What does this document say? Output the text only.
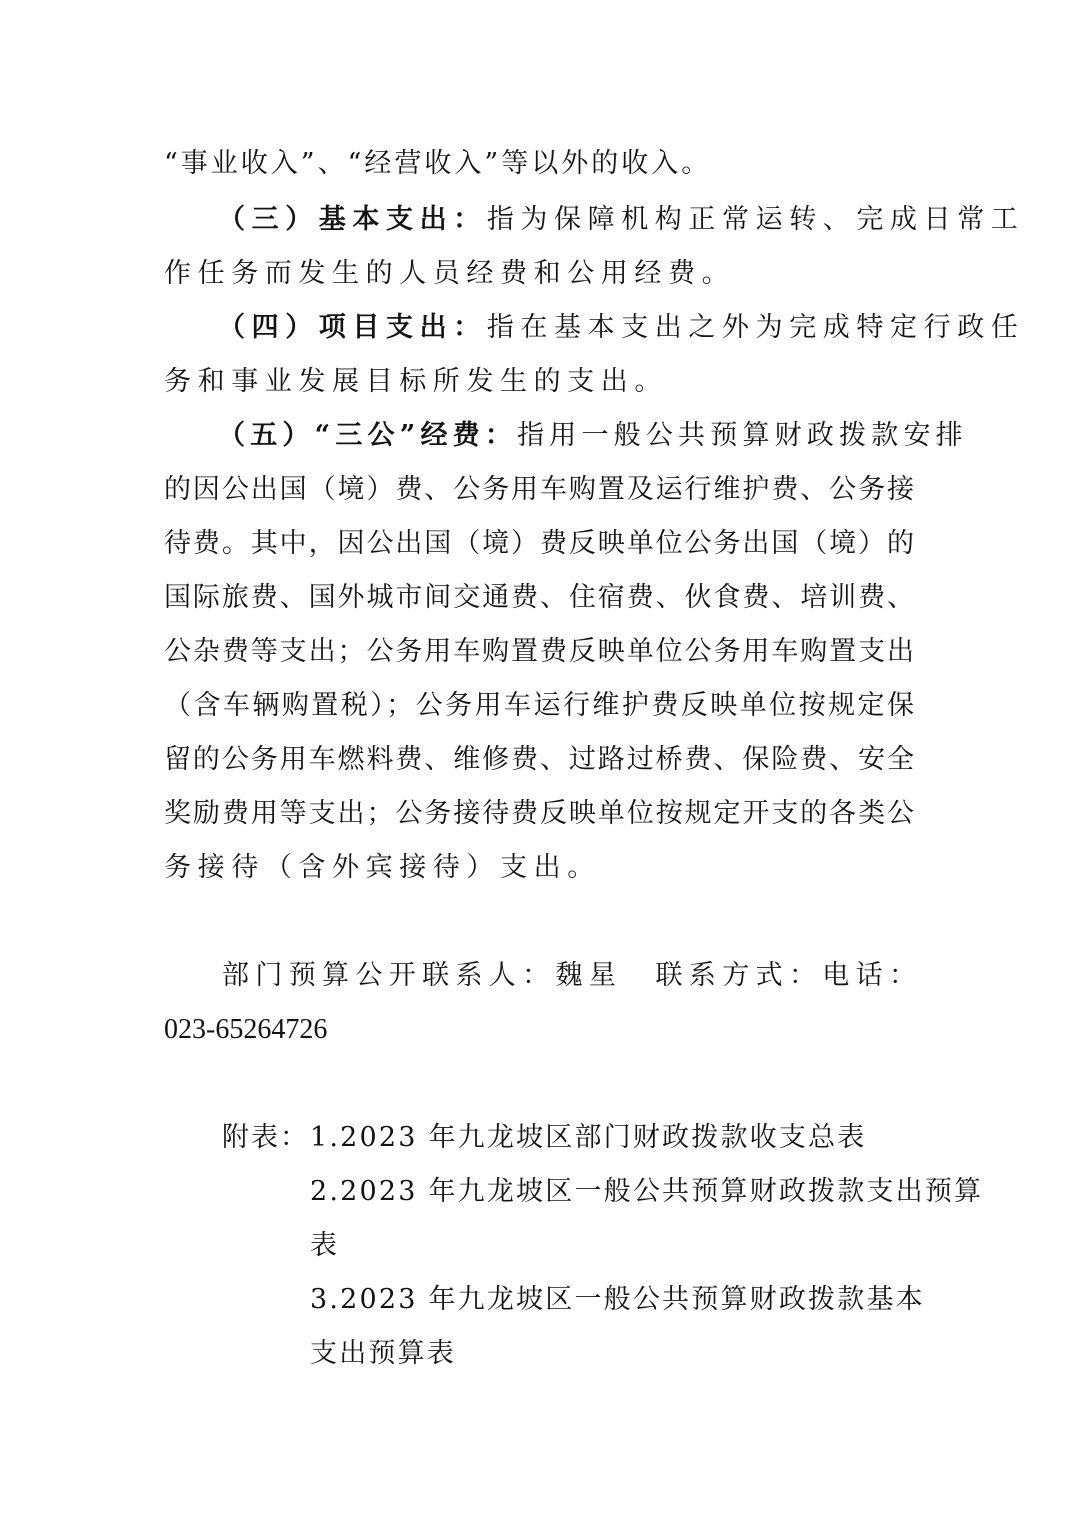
“事业收入”、“经营收入”等以外的收入。
（三）基本支出：指为保障机构正常运转、完成日常工
作任务而发生的人员经费和公用经费。
（四）项目支出：指在基本支出之外为完成特定行政任
务和事业发展目标所发生的支出。
（五）“三公”经费：指用一般公共预算财政拨款安排
的因公出国（境）费、公务用车购置及运行维护费、公务接
待费。其中，因公出国（境）费反映单位公务出国（境）的
国际旅费、国外城市间交通费、住宿费、伙食费、培训费、
公杂费等支出；公务用车购置费反映单位公务用车购置支出
（含车辆购置税）；公务用车运行维护费反映单位按规定保
留的公务用车燃料费、维修费、过路过桥费、保险费、安全
奖励费用等支出；公务接待费反映单位按规定开支的各类公
务接待（含外宾接待）支出。
部门预算公开联系人：魏星　联系方式：电话：
023-65264726
附表： 1.2023 年九龙坡区部门财政拨款收支总表
2.2023 年九龙坡区一般公共预算财政拨款支出预算
表
3.2023 年九龙坡区一般公共预算财政拨款基本
支出预算表
